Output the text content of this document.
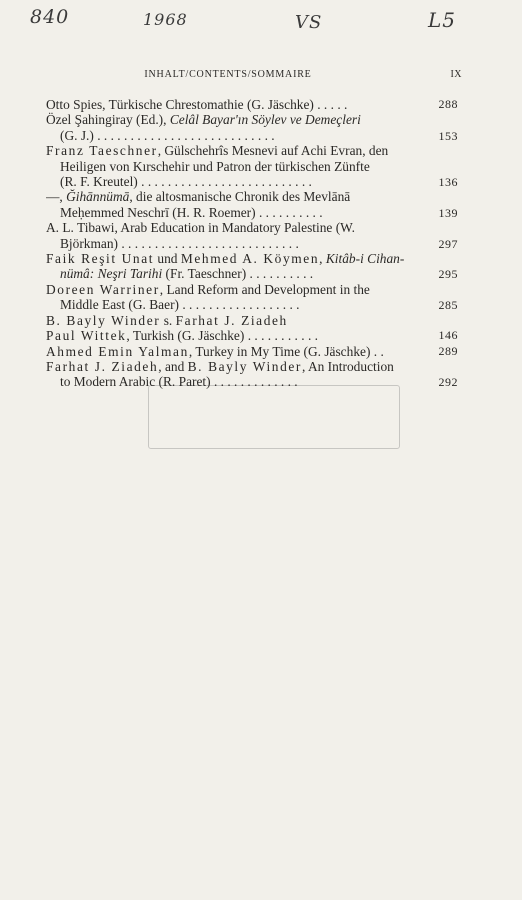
840	1968	VS	L5
INHALT/CONTENTS/SOMMAIRE	IX
Otto Spies, Türkische Chrestomathie (G. Jäschke) . . . . .	288
Özel Şahingiray (Ed.), Celâl Bayar'ın Söylev ve Demeçleri
(G. J.) . . . . . . . . . . . . . . . . . . . . . . . . . . .	153
Franz Taeschner, Gülschehrîs Mesnevi auf Achi Evran, den
Heiligen von Kırschehir und Patron der türkischen Zünfte
(R. F. Kreutel) . . . . . . . . . . . . . . . . . . . . . . . . . .	136
—, Ğihānnümā, die altosmanische Chronik des Mevlānā
Meḥemmed Neschrī (H. R. Roemer) . . . . . . . . . .	139
A. L. Tibawi, Arab Education in Mandatory Palestine (W.
Björkman) . . . . . . . . . . . . . . . . . . . . . . . . . . .	297
Faik Reşit Unat und Mehmed A. Köymen, Kitâb-i Cihan-
nümâ: Neşri Tarihi (Fr. Taeschner) . . . . . . . . . .	295
Doreen Warriner, Land Reform and Development in the
Middle East (G. Baer) . . . . . . . . . . . . . . . . . .	285
B. Bayly Winder s. Farhat J. Ziadeh
Paul Wittek, Turkish (G. Jäschke) . . . . . . . . . . .	146
Ahmed Emin Yalman, Turkey in My Time (G. Jäschke) . .	289
Farhat J. Ziadeh, and B. Bayly Winder, An Introduction
to Modern Arabic (R. Paret) . . . . . . . . . . . . .	292
